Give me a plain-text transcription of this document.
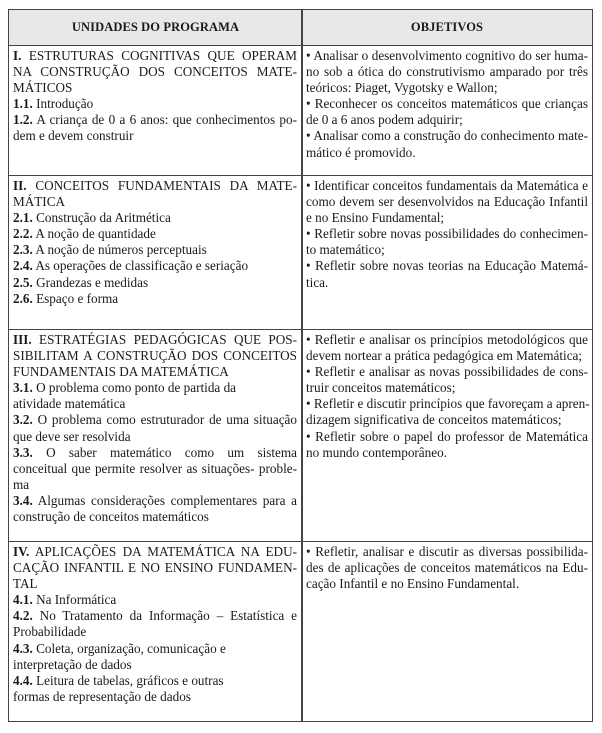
UNIDADES DO PROGRAMA	OBJETIVOS
I. ESTRUTURAS COGNITIVAS QUE OPERAM
NA CONSTRUÇÃO DOS CONCEITOS MATE-
MÁTICOS
1.1. Introdução
1.2. A criança de 0 a 6 anos: que conhecimentos po-
dem e devem construir
• Analisar o desenvolvimento cognitivo do ser huma-
no sob a ótica do construtivismo amparado por três
teóricos: Piaget, Vygotsky e Wallon;
• Reconhecer os conceitos matemáticos que crianças
de 0 a 6 anos podem adquirir;
• Analisar como a construção do conhecimento mate-
mático é promovido.
II. CONCEITOS FUNDAMENTAIS DA MATE-
MÁTICA
2.1. Construção da Aritmética
2.2. A noção de quantidade
2.3. A noção de números perceptuais
2.4. As operações de classificação e seriação
2.5. Grandezas e medidas
2.6. Espaço e forma
• Identificar conceitos fundamentais da Matemática e
como devem ser desenvolvidos na Educação Infantil
e no Ensino Fundamental;
• Refletir sobre novas possibilidades do conhecimen-
to matemático;
• Refletir sobre novas teorias na Educação Matemá-
tica.
III. ESTRATÉGIAS PEDAGÓGICAS QUE POS-
SIBILITAM A CONSTRUÇÃO DOS CONCEITOS
FUNDAMENTAIS DA MATEMÁTICA
3.1. O problema como ponto de partida da
atividade matemática
3.2. O problema como estruturador de uma situação
que deve ser resolvida
3.3. O saber matemático como um sistema
conceitual que permite resolver as situações- proble-
ma
3.4. Algumas considerações complementares para a
construção de conceitos matemáticos
• Refletir e analisar os princípios metodológicos que
devem nortear a prática pedagógica em Matemática;
• Refletir e analisar as novas possibilidades de cons-
truir conceitos matemáticos;
• Refletir e discutir princípios que favoreçam a apren-
dizagem significativa de conceitos matemáticos;
• Refletir sobre o papel do professor de Matemática
no mundo contemporâneo.
IV. APLICAÇÕES DA MATEMÁTICA NA EDU-
CAÇÃO INFANTIL E NO ENSINO FUNDAMEN-
TAL
4.1. Na Informática
4.2. No Tratamento da Informação – Estatística e
Probabilidade
4.3. Coleta, organização, comunicação e
interpretação de dados
4.4. Leitura de tabelas, gráficos e outras
formas de representação de dados
• Refletir, analisar e discutir as diversas possibilida-
des de aplicações de conceitos matemáticos na Edu-
cação Infantil e no Ensino Fundamental.
